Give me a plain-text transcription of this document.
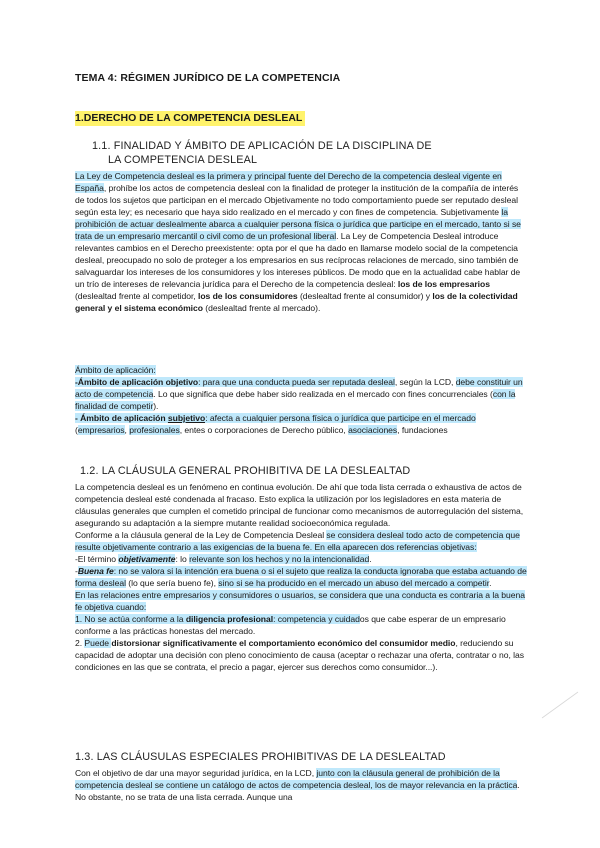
TEMA 4: RÉGIMEN JURÍDICO DE LA COMPETENCIA
1.DERECHO DE LA COMPETENCIA DESLEAL
1.1. FINALIDAD Y ÁMBITO DE APLICACIÓN DE LA DISCIPLINA DE
LA COMPETENCIA DESLEAL

La Ley de Competencia desleal es la primera y principal fuente del Derecho de la competencia desleal vigente en España, prohíbe los actos de competencia desleal con la finalidad de proteger la institución de la compañía de interés de todos los sujetos que participan en el mercado Objetivamente no todo comportamiento puede ser reputado desleal según esta ley; es necesario que haya sido realizado en el mercado y con fines de competencia. Subjetivamente la prohibición de actuar deslealmente abarca a cualquier persona física o jurídica que participe en el mercado, tanto si se trata de un empresario mercantil o civil como de un profesional liberal. La Ley de Competencia Desleal introduce relevantes cambios en el Derecho preexistente: opta por el que ha dado en llamarse modelo social de la competencia desleal, preocupado no solo de proteger a los empresarios en sus recíprocas relaciones de mercado, sino también de salvaguardar los intereses de los consumidores y los intereses públicos. De modo que en la actualidad cabe hablar de un trío de intereses de relevancia jurídica para el Derecho de la competencia desleal: los de los empresarios (deslealtad frente al competidor, los de los consumidores (deslealtad frente al consumidor) y los de la colectividad general y el sistema económico (deslealtad frente al mercado).

Ámbito de aplicación:

-Ámbito de aplicación objetivo: para que una conducta pueda ser reputada desleal, según la LCD, debe constituir un acto de competencia. Lo que significa que debe haber sido realizada en el mercado con fines concurrenciales (con la finalidad de competir).

- Ámbito de aplicación subjetivo: afecta a cualquier persona física o jurídica que participe en el mercado (empresarios, profesionales, entes o corporaciones de Derecho público, asociaciones, fundaciones

1.2. LA CLÁUSULA GENERAL PROHIBITIVA DE LA DESLEALTAD

La competencia desleal es un fenómeno en continua evolución. De ahí que toda lista cerrada o exhaustiva de actos de competencia desleal esté condenada al fracaso. Esto explica la utilización por los legisladores en esta materia de cláusulas generales que cumplen el cometido principal de funcionar como mecanismos de autorregulación del sistema, asegurando su adaptación a la siempre mutante realidad socioeconómica regulada.

Conforme a la cláusula general de la Ley de Competencia Desleal se considera desleal todo acto de competencia que resulte objetivamente contrario a las exigencias de la buena fe. En ella aparecen dos referencias objetivas:

-El término objetivamente: lo relevante son los hechos y no la intencionalidad.

-Buena fe: no se valora si la intención era buena o si el sujeto que realiza la conducta ignoraba que estaba actuando de forma desleal (lo que sería bueno fe), sino si se ha producido en el mercado un abuso del mercado a competir.

En las relaciones entre empresarios y consumidores o usuarios, se considera que una conducta es contraria a la buena fe objetiva cuando:

1. No se actúa conforme a la diligencia profesional: competencia y cuidados que cabe esperar de un empresario conforme a las prácticas honestas del mercado.

2. Puede distorsionar significativamente el comportamiento económico del consumidor medio, reduciendo su capacidad de adoptar una decisión con pleno conocimiento de causa (aceptar o rechazar una oferta, contratar o no, las condiciones en las que se contrata, el precio a pagar, ejercer sus derechos como consumidor...).

1.3. LAS CLÁUSULAS ESPECIALES PROHIBITIVAS DE LA DESLEALTAD

Con el objetivo de dar una mayor seguridad jurídica, en la LCD, junto con la cláusula general de prohibición de la competencia desleal se contiene un catálogo de actos de competencia desleal, los de mayor relevancia en la práctica. No obstante, no se trata de una lista cerrada. Aunque una
